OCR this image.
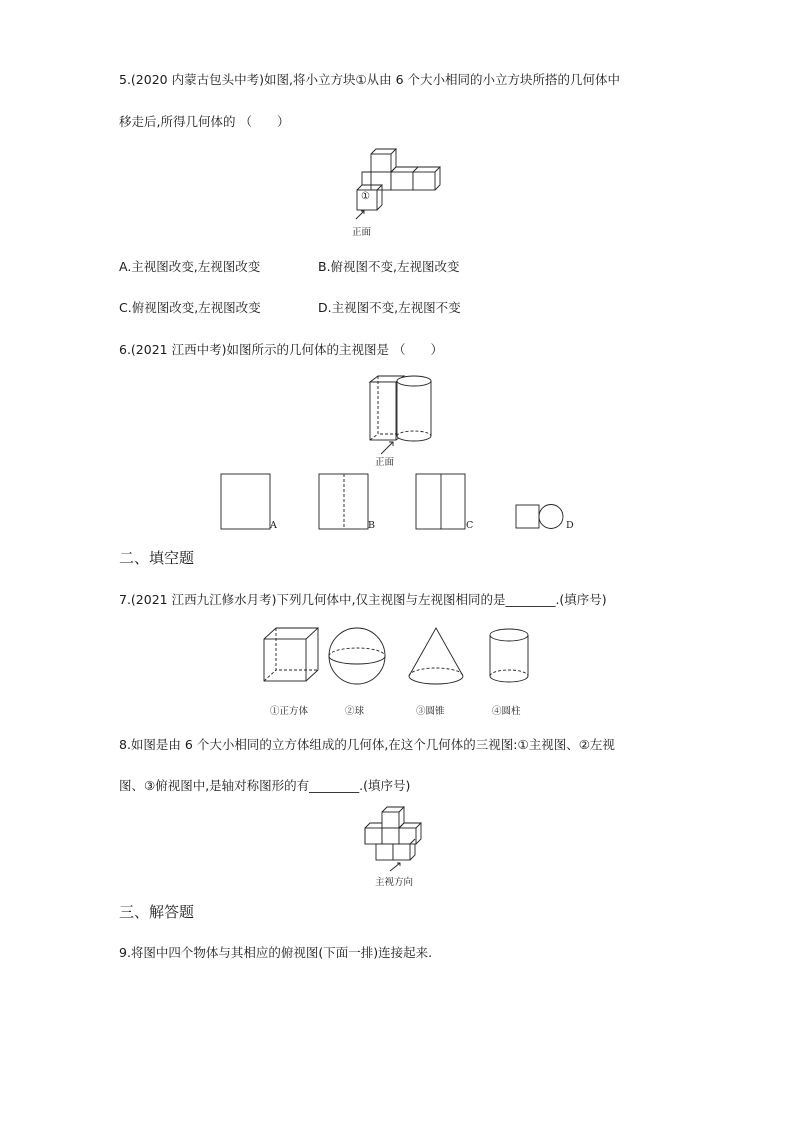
5.(2020 内蒙古包头中考)如图,将小立方块①从由 6 个大小相同的小立方块所搭的几何体中
移走后,所得几何体的 （　　）
①
正面
A.主视图改变,左视图改变	B.俯视图不变,左视图改变
C.俯视图改变,左视图改变	D.主视图不变,左视图不变
6.(2021 江西中考)如图所示的几何体的主视图是 （　　）
正面
A	B	C	D
二、填空题
7.(2021 江西九江修水月考)下列几何体中,仅主视图与左视图相同的是________.(填序号)
①正方体	②球	③圆锥	④圆柱
8.如图是由 6 个大小相同的立方体组成的几何体,在这个几何体的三视图:①主视图、②左视
图、③俯视图中,是轴对称图形的有________.(填序号)
主视方向
三、解答题
9.将图中四个物体与其相应的俯视图(下面一排)连接起来.
